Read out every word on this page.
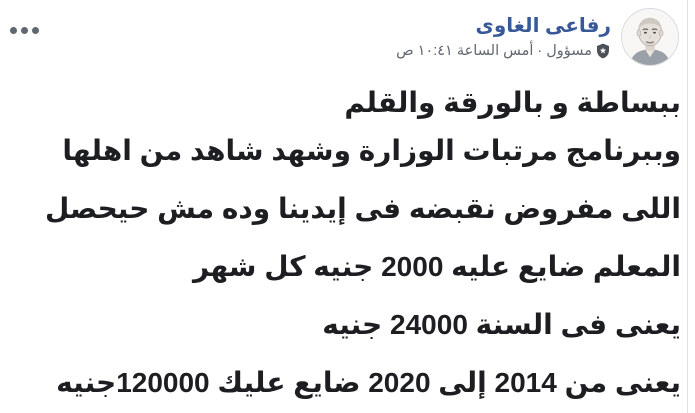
رفاعى الغاوى
مسؤول
·
أمس الساعة ١٠:٤١ ص

ببساطة و بالورقة والقلم

وببرنامج مرتبات الوزارة وشهد شاهد من اهلها

اللى مفروض نقبضه فى إيدينا وده مش حيحصل

المعلم ضايع عليه 2000 جنيه كل شهر

يعنى فى السنة 24000 جنيه

يعنى من 2014 إلى 2020 ضايع عليك 120000جنيه
